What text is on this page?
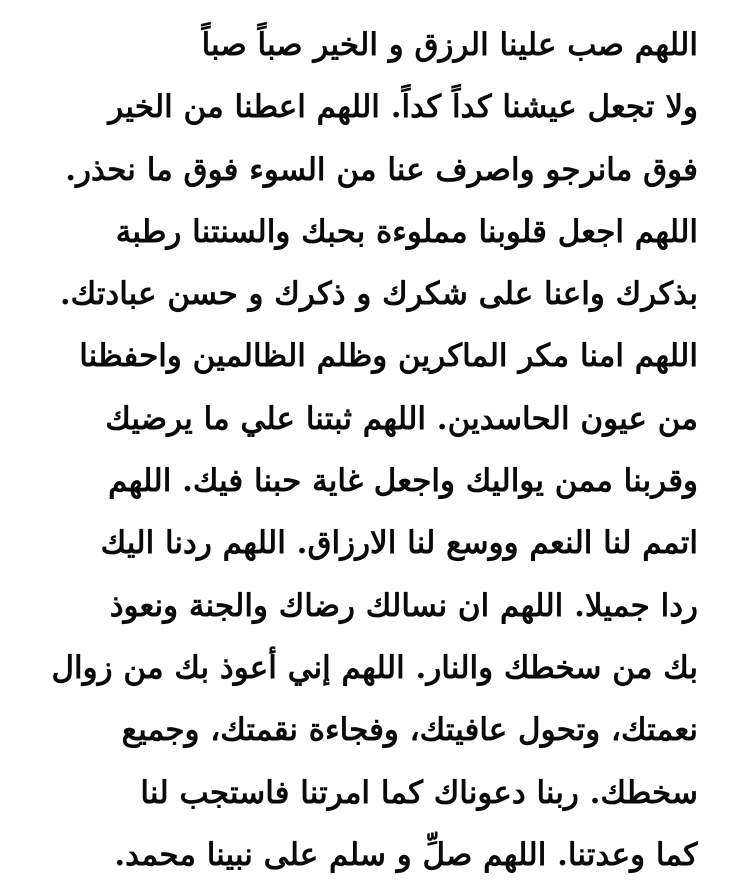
اللهم صب علينا الرزق و الخير صباً صباً
ولا تجعل عيشنا كداً كداً. اللهم اعطنا من الخير
فوق مانرجو واصرف عنا من السوء فوق ما نحذر.
اللهم اجعل قلوبنا مملوءة بحبك والسنتنا رطبة
بذكرك واعنا على شكرك و ذكرك و حسن عبادتك.
اللهم امنا مكر الماكرين وظلم الظالمين واحفظنا
من عيون الحاسدين. اللهم ثبتنا علي ما يرضيك
وقربنا ممن يواليك واجعل غاية حبنا فيك. اللهم
اتمم لنا النعم ووسع لنا الارزاق. اللهم ردنا اليك
ردا جميلا. اللهم ان نسالك رضاك والجنة ونعوذ
بك من سخطك والنار. اللهم إني أعوذ بك من زوال
نعمتك، وتحول عافيتك، وفجاءة نقمتك، وجميع
سخطك. ربنا دعوناك كما امرتنا فاستجب لنا
كما وعدتنا. اللهم صلِّ و سلم على نبينا محمد.
